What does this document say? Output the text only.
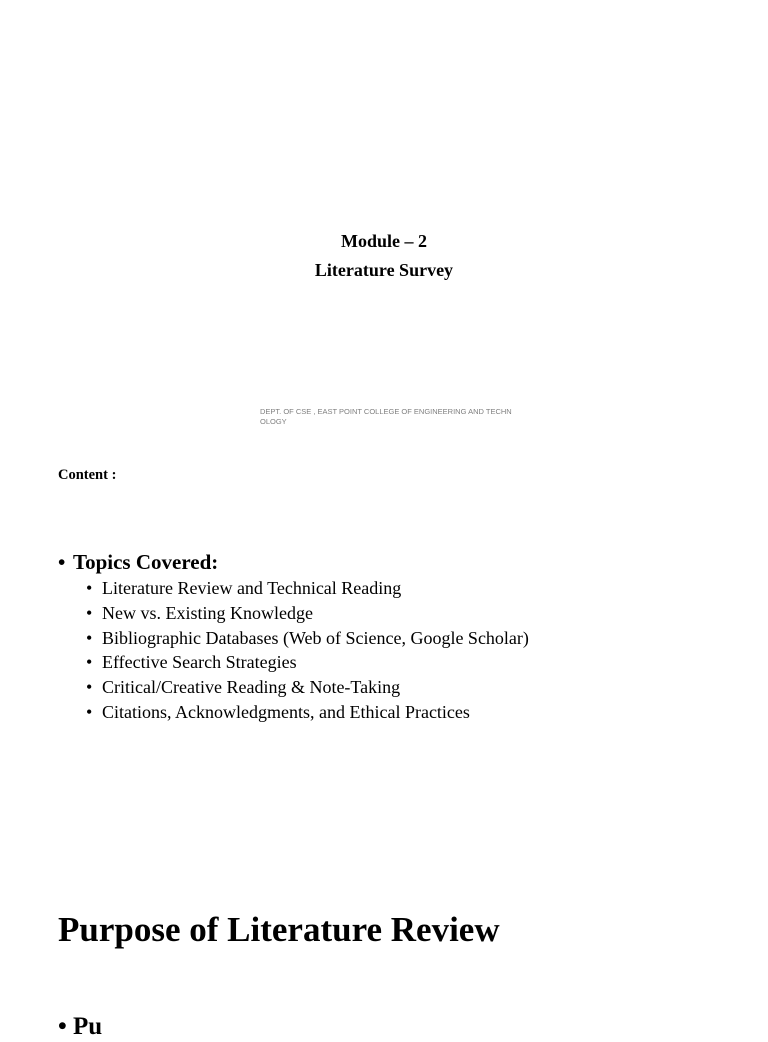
Module – 2

Literature Survey

DEPT. OF CSE , EAST POINT COLLEGE OF ENGINEERING AND TECHNOLOGY
Content :
• Topics Covered:
• Literature Review and Technical Reading
• New vs. Existing Knowledge
• Bibliographic Databases (Web of Science, Google Scholar)
• Effective Search Strategies
• Critical/Creative Reading & Note-Taking
• Citations, Acknowledgments, and Ethical Practices
Purpose of Literature Review
• Pu
